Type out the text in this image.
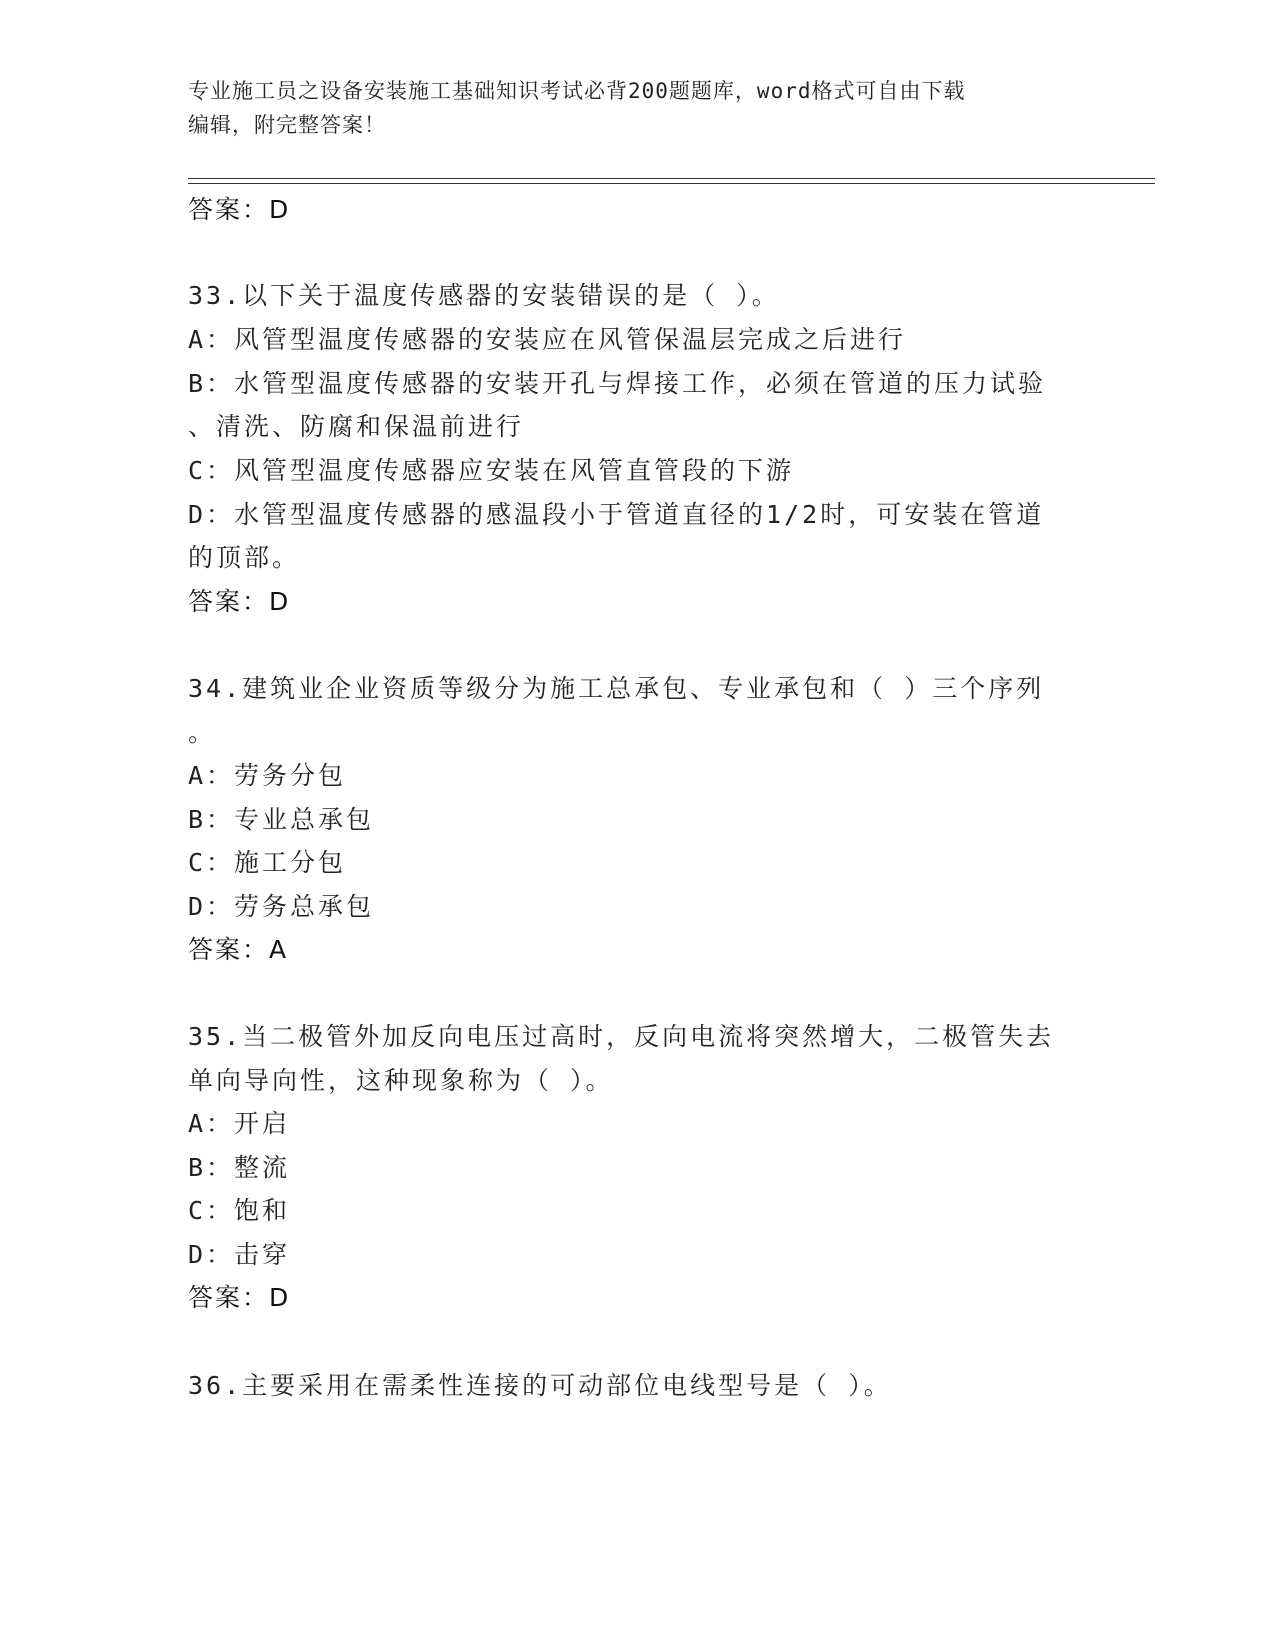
专业施工员之设备安装施工基础知识考试必背200题题库，word格式可自由下载
编辑，附完整答案！
答案：D
33.以下关于温度传感器的安装错误的是（ ）。
A：风管型温度传感器的安装应在风管保温层完成之后进行
B：水管型温度传感器的安装开孔与焊接工作，必须在管道的压力试验
、清洗、防腐和保温前进行
C：风管型温度传感器应安装在风管直管段的下游
D：水管型温度传感器的感温段小于管道直径的1/2时，可安装在管道
的顶部。
答案：D
34.建筑业企业资质等级分为施工总承包、专业承包和（ ）三个序列
。
A：劳务分包
B：专业总承包
C：施工分包
D：劳务总承包
答案：A
35.当二极管外加反向电压过高时，反向电流将突然增大，二极管失去
单向导向性，这种现象称为（ ）。
A：开启
B：整流
C：饱和
D：击穿
答案：D
36.主要采用在需柔性连接的可动部位电线型号是（ ）。
